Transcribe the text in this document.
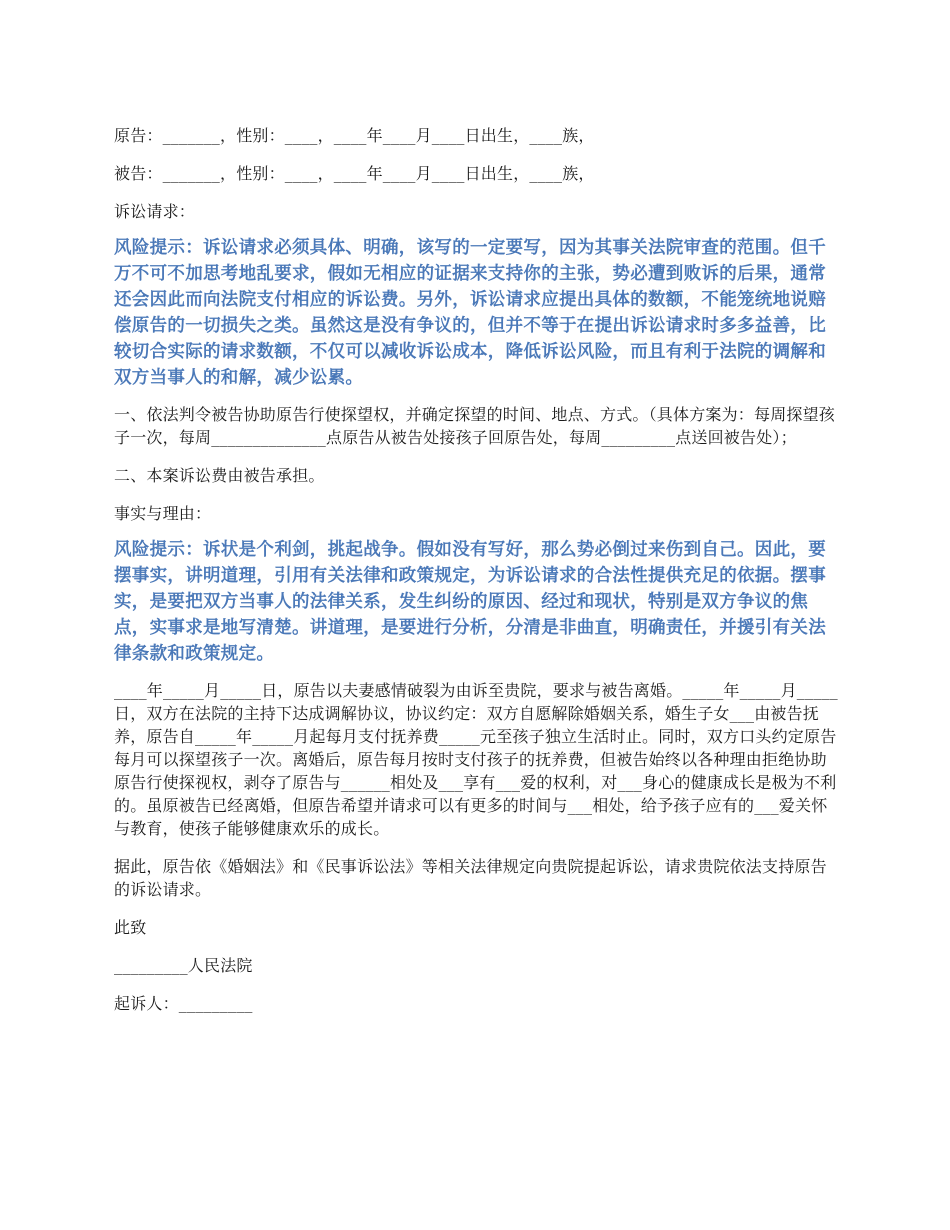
原告：_______，性别：____，____年____月____日出生，____族，

被告：_______，性别：____，____年____月____日出生，____族，

诉讼请求：

风险提示：诉讼请求必须具体、明确，该写的一定要写，因为其事关法院审查的范围。但千万不可不加思考地乱要求，假如无相应的证据来支持你的主张，势必遭到败诉的后果，通常还会因此而向法院支付相应的诉讼费。另外，诉讼请求应提出具体的数额，不能笼统地说赔偿原告的一切损失之类。虽然这是没有争议的，但并不等于在提出诉讼请求时多多益善，比较切合实际的请求数额，不仅可以减收诉讼成本，降低诉讼风险，而且有利于法院的调解和双方当事人的和解，减少讼累。

一、依法判令被告协助原告行使探望权，并确定探望的时间、地点、方式。（具体方案为：每周探望孩子一次，每周______________点原告从被告处接孩子回原告处，每周_________点送回被告处）；

二、本案诉讼费由被告承担。

事实与理由：

风险提示：诉状是个利剑，挑起战争。假如没有写好，那么势必倒过来伤到自己。因此，要摆事实，讲明道理，引用有关法律和政策规定，为诉讼请求的合法性提供充足的依据。摆事实，是要把双方当事人的法律关系，发生纠纷的原因、经过和现状，特别是双方争议的焦点，实事求是地写清楚。讲道理，是要进行分析，分清是非曲直，明确责任，并援引有关法律条款和政策规定。

____年_____月_____日，原告以夫妻感情破裂为由诉至贵院，要求与被告离婚。_____年_____月_____日，双方在法院的主持下达成调解协议，协议约定：双方自愿解除婚姻关系，婚生子女___由被告抚养，原告自_____年_____月起每月支付抚养费_____元至孩子独立生活时止。同时，双方口头约定原告每月可以探望孩子一次。离婚后，原告每月按时支付孩子的抚养费，但被告始终以各种理由拒绝协助原告行使探视权，剥夺了原告与______相处及___享有___爱的权利，对___身心的健康成长是极为不利的。虽原被告已经离婚，但原告希望并请求可以有更多的时间与___相处，给予孩子应有的___爱关怀与教育，使孩子能够健康欢乐的成长。

据此，原告依《婚姻法》和《民事诉讼法》等相关法律规定向贵院提起诉讼，请求贵院依法支持原告的诉讼请求。

此致

_________人民法院

起诉人：_________
